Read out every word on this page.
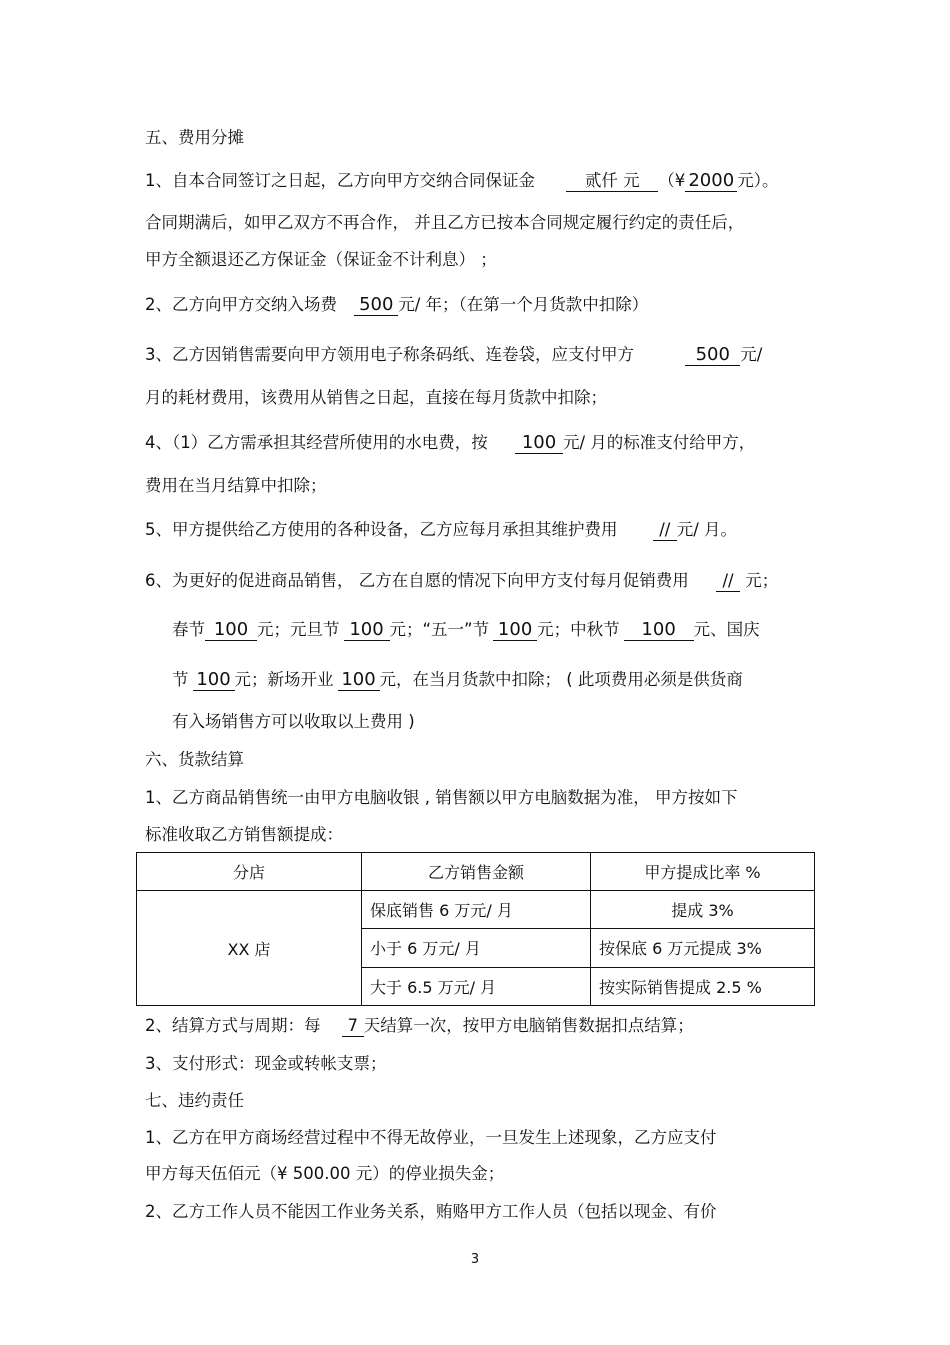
五、费用分摊
1、自本合同签订之日起，乙方向甲方交纳合同保证金	贰仟 元 （¥ 2000 元）。
合同期满后，如甲乙双方不再合作， 并且乙方已按本合同规定履行约定的责任后，
甲方全额退还乙方保证金（保证金不计利息） ；
2、乙方向甲方交纳入场费 500 元/ 年；（在第一个月货款中扣除）
3、乙方因销售需要向甲方领用电子称条码纸、连卷袋，应支付甲方	500 元/
月的耗材费用，该费用从销售之日起，直接在每月货款中扣除；
4、（1）乙方需承担其经营所使用的水电费，按 100 元/ 月的标准支付给甲方，
费用在当月结算中扣除；
5、甲方提供给乙方使用的各种设备，乙方应每月承担其维护费用	// 元/ 月。
6、为更好的促进商品销售， 乙方在自愿的情况下向甲方支付每月促销费用 // 元；
春节 100 元；元旦节 100 元；“五一”节 100 元；中秋节 100 元、国庆
节 100 元；新场开业 100 元，在当月货款中扣除； ( 此项费用必须是供货商
有入场销售方可以收取以上费用 )
六、货款结算
1、乙方商品销售统一由甲方电脑收银 , 销售额以甲方电脑数据为准， 甲方按如下
标准收取乙方销售额提成：
分店	乙方销售金额	甲方提成比率 %
XX 店	保底销售 6 万元/ 月	提成 3%
	小于 6 万元/ 月	按保底 6 万元提成 3%
	大于 6.5 万元/ 月	按实际销售提成 2.5 %
2、结算方式与周期：每 7 天结算一次，按甲方电脑销售数据扣点结算；
3、支付形式：现金或转帐支票；
七、违约责任
1、乙方在甲方商场经营过程中不得无故停业，一旦发生上述现象，乙方应支付
甲方每天伍佰元（¥ 500.00 元）的停业损失金；
2、乙方工作人员不能因工作业务关系，贿赂甲方工作人员（包括以现金、有价
3
